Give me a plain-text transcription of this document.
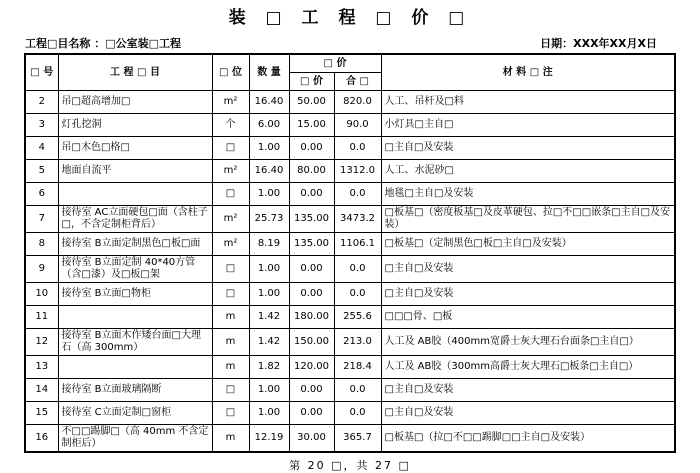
装 □ 工 程 □ 价 □
工程□目名称 ：□公室装□工程	日期：XXX年XX月X日
□ 号	工 程 □ 目	□ 位	数 量	□ 价		材 料 □ 注
				□ 价	合 □	
2	吊□超高增加□	m²	16.40	50.00	820.0	人工、吊杆及□料
3	灯孔挖洞	个	6.00	15.00	90.0	小灯具□主自□
4	吊□木色□格□	□	1.00	0.00	0.0	□主自□及安装
5	地面自流平	m²	16.40	80.00	1312.0	人工、水泥砂□
6		□	1.00	0.00	0.0	地毯□主自□及安装
7	接待室 AC立面硬包□面（含柱子□，不含定制柜背后）	m²	25.73	135.00	3473.2	□板基□（密度板基□及皮革硬包、拉□不□□嵌条□主自□及安装）
8	接待室 B立面定制黑色□板□面	m²	8.19	135.00	1106.1	□板基□（定制黑色□板□主自□及安装）
9	接待室 B立面定制 40*40方管（含□漆）及□板□架	□	1.00	0.00	0.0	□主自□及安装
10	接待室 B立面□物柜	□	1.00	0.00	0.0	□主自□及安装
11		m	1.42	180.00	255.6	□□□骨、□板
12	接待室 B立面木作矮台面□大理石（高 300mm）	m	1.42	150.00	213.0	人工及 AB胶（400mm宽爵士灰大理石台面条□主自□）
13		m	1.82	120.00	218.4	人工及 AB胶（300mm高爵士灰大理石□板条□主自□）
14	接待室 B立面玻璃隔断	□	1.00	0.00	0.0	□主自□及安装
15	接待室 C立面定制□窗柜	□	1.00	0.00	0.0	□主自□及安装
16	不□□踢脚□（高 40mm 不含定制柜后）	m	12.19	30.00	365.7	□板基□（拉□不□□踢脚□□主自□及安装）
第 20 □，共 27 □
